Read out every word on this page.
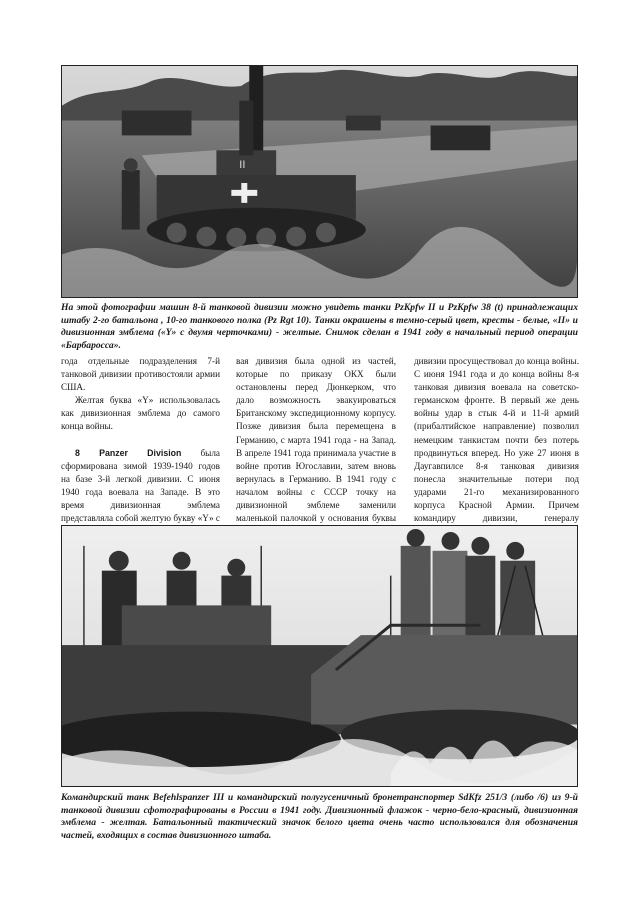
II

На этой фотографии машин 8-й танковой дивизии можно увидеть танки PzKpfw II и PzKpfw 38 (t) принадлежащих штабу 2-го батальона , 10-го танкового полка (Pz Rgt 10). Танки окрашены в темно-серый цвет, кресты - белые, «II» и дивизионная эмблема («Y» с двумя черточками) - желтые. Снимок сделан в 1941 году в начальный период операции «Барбаросса».

года отдельные подразделения 7-й танковой дивизии противостояли армии США.

Желтая буква «Y» использовалась как дивизионная эмблема до самого конца войны.

8 Panzer Division была сформирована зимой 1939-1940 годов на базе 3-й легкой дивизии. С июня 1940 года воевала на Западе. В это время дивизионная эмблема представляла собой желтую букву «Y» с

вая дивизия была одной из частей, которые по приказу ОКХ были остановлены перед Дюнкерком, что дало возможность эвакуироваться Британскому экспедиционному корпусу. Позже дивизия была перемещена в Германию, с марта 1941 года - на Запад. В апреле 1941 года принимала участие в войне против Югославии, затем вновь вернулась в Германию. В 1941 году с началом войны с СССР точку на дивизионной эмблеме заменили маленькой палочкой у основания буквы

дивизии просуществовал до конца войны. С июня 1941 года и до конца войны 8-я танковая дивизия воевала на советско-германском фронте. В первый же день войны удар в стык 4-й и 11-й армий (прибалтийское направление) позволил немецким танкистам почти без потерь продвинуться вперед. Но уже 27 июня в Даугавпилсе 8-я танковая дивизия понесла значительные потери под ударами 21-го механизированного корпуса Красной Армии. Причем командиру дивизии, генералу

Командирский танк Befehlspanzer III и командирский полугусеничный бронетранспортер SdKfz 251/3 (либо /6) из 9-й танковой дивизии сфотографированы в России в 1941 году. Дивизионный флажок - черно-бело-красный, дивизионная эмблема - желтая. Батальонный тактический значок белого цвета очень часто использовался для обозначения частей, входящих в состав дивизионного штаба.
